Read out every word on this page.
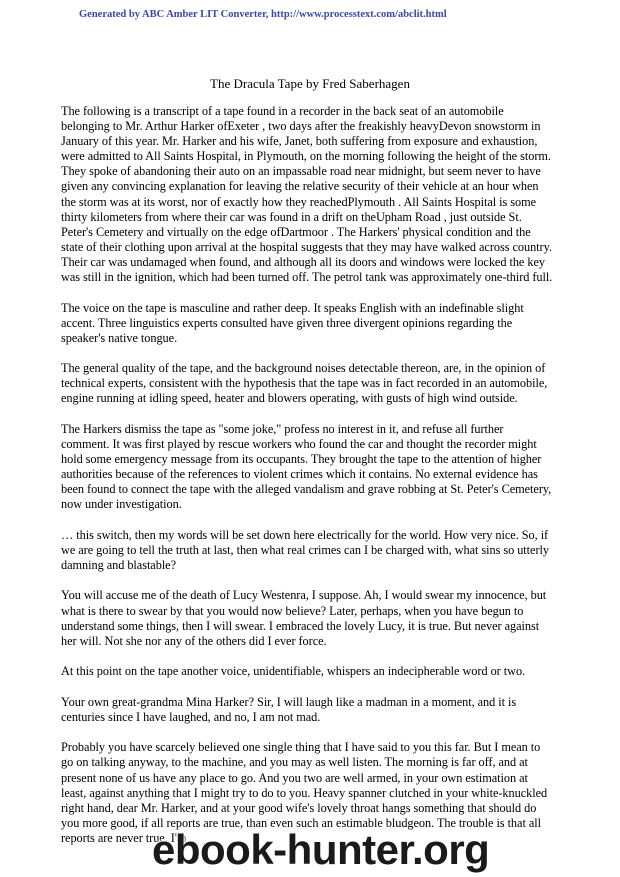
Generated by ABC Amber LIT Converter, http://www.processtext.com/abclit.html
The Dracula Tape by Fred Saberhagen

The following is a transcript of a tape found in a recorder in the back seat of an automobile belonging to Mr. Arthur Harker ofExeter , two days after the freakishly heavyDevon snowstorm in January of this year. Mr. Harker and his wife, Janet, both suffering from exposure and exhaustion, were admitted to All Saints Hospital, in Plymouth, on the morning following the height of the storm. They spoke of abandoning their auto on an impassable road near midnight, but seem never to have given any convincing explanation for leaving the relative security of their vehicle at an hour when the storm was at its worst, nor of exactly how they reachedPlymouth . All Saints Hospital is some thirty kilometers from where their car was found in a drift on theUpham Road , just outside St. Peter's Cemetery and virtually on the edge ofDartmoor . The Harkers' physical condition and the state of their clothing upon arrival at the hospital suggests that they may have walked across country. Their car was undamaged when found, and although all its doors and windows were locked the key was still in the ignition, which had been turned off. The petrol tank was approximately one-third full.

The voice on the tape is masculine and rather deep. It speaks English with an indefinable slight accent. Three linguistics experts consulted have given three divergent opinions regarding the speaker's native tongue.

The general quality of the tape, and the background noises detectable thereon, are, in the opinion of technical experts, consistent with the hypothesis that the tape was in fact recorded in an automobile, engine running at idling speed, heater and blowers operating, with gusts of high wind outside.

The Harkers dismiss the tape as "some joke," profess no interest in it, and refuse all further comment. It was first played by rescue workers who found the car and thought the recorder might hold some emergency message from its occupants. They brought the tape to the attention of higher authorities because of the references to violent crimes which it contains. No external evidence has been found to connect the tape with the alleged vandalism and grave robbing at St. Peter's Cemetery, now under investigation.

… this switch, then my words will be set down here electrically for the world. How very nice. So, if we are going to tell the truth at last, then what real crimes can I be charged with, what sins so utterly damning and blastable?

You will accuse me of the death of Lucy Westenra, I suppose. Ah, I would swear my innocence, but what is there to swear by that you would now believe? Later, perhaps, when you have begun to understand some things, then I will swear. I embraced the lovely Lucy, it is true. But never against her will. Not she nor any of the others did I ever force.

At this point on the tape another voice, unidentifiable, whispers an indecipherable word or two.

Your own great-grandma Mina Harker? Sir, I will laugh like a madman in a moment, and it is centuries since I have laughed, and no, I am not mad.

Probably you have scarcely believed one single thing that I have said to you this far. But I mean to go on talking anyway, to the machine, and you may as well listen. The morning is far off, and at present none of us have any place to go. And you two are well armed, in your own estimation at least, against anything that I might try to do to you. Heavy spanner clutched in your white-knuckled right hand, dear Mr. Harker, and at your good wife's lovely throat hangs something that should do you more good, if all reports are true, than even such an estimable bludgeon. The trouble is that all reports are never true. I'm

ebook-hunter.org
